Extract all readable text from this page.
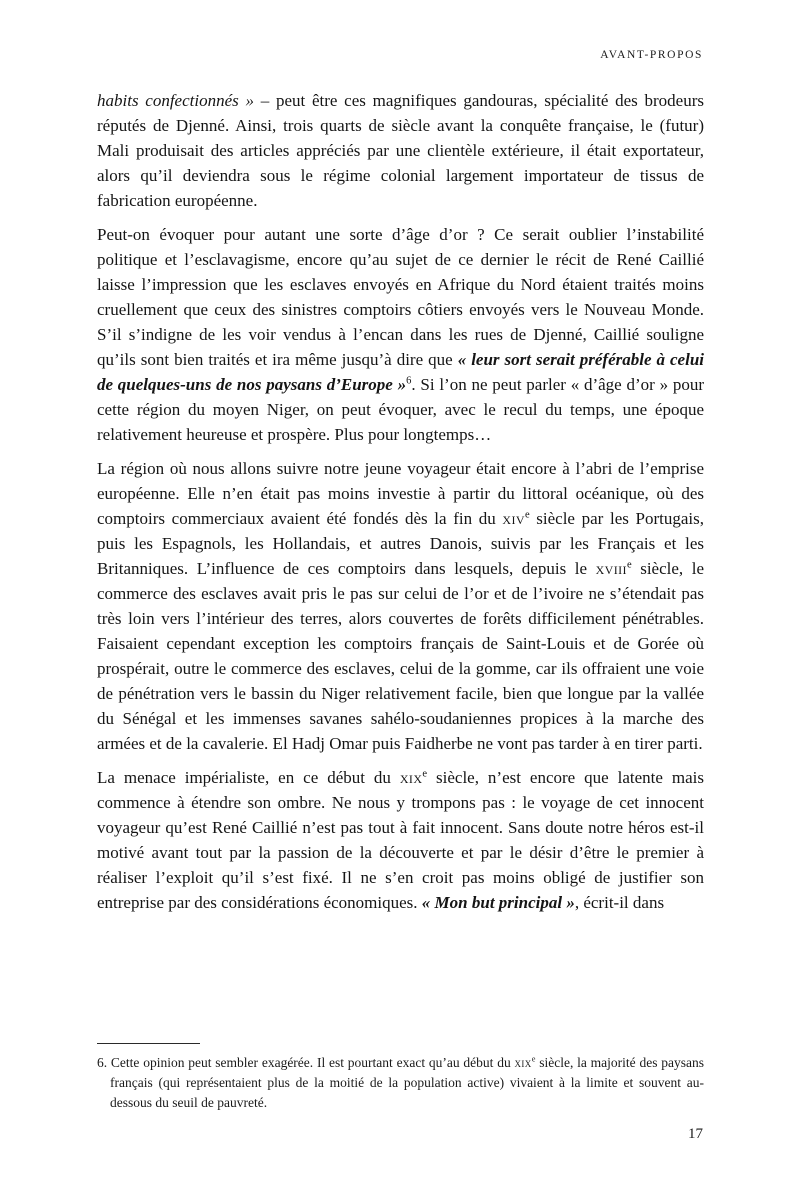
AVANT-PROPOS

habits confectionnés » – peut être ces magnifiques gandouras, spécialité des brodeurs réputés de Djenné. Ainsi, trois quarts de siècle avant la conquête française, le (futur) Mali produisait des articles appréciés par une clientèle extérieure, il était exportateur, alors qu’il deviendra sous le régime colonial largement importateur de tissus de fabrication européenne.

Peut-on évoquer pour autant une sorte d’âge d’or ? Ce serait oublier l’instabilité politique et l’esclavagisme, encore qu’au sujet de ce dernier le récit de René Caillié laisse l’impression que les esclaves envoyés en Afrique du Nord étaient traités moins cruellement que ceux des sinistres comptoirs côtiers envoyés vers le Nouveau Monde. S’il s’indigne de les voir vendus à l’encan dans les rues de Djenné, Caillié souligne qu’ils sont bien traités et ira même jusqu’à dire que « leur sort serait préférable à celui de quelques-uns de nos paysans d’Europe »$^6$. Si l’on ne peut parler « d’âge d’or » pour cette région du moyen Niger, on peut évoquer, avec le recul du temps, une époque relativement heureuse et prospère. Plus pour longtemps…

La région où nous allons suivre notre jeune voyageur était encore à l’abri de l’emprise européenne. Elle n’en était pas moins investie à partir du littoral océanique, où des comptoirs commerciaux avaient été fondés dès la fin du xiv$^e$ siècle par les Portugais, puis les Espagnols, les Hollandais, et autres Danois, suivis par les Français et les Britanniques. L’influence de ces comptoirs dans lesquels, depuis le xviii$^e$ siècle, le commerce des esclaves avait pris le pas sur celui de l’or et de l’ivoire ne s’étendait pas très loin vers l’intérieur des terres, alors couvertes de forêts difficilement pénétrables. Faisaient cependant exception les comptoirs français de Saint-Louis et de Gorée où prospérait, outre le commerce des esclaves, celui de la gomme, car ils offraient une voie de pénétration vers le bassin du Niger relativement facile, bien que longue par la vallée du Sénégal et les immenses savanes sahélo-soudaniennes propices à la marche des armées et de la cavalerie. El Hadj Omar puis Faidherbe ne vont pas tarder à en tirer parti.

La menace impérialiste, en ce début du xix$^e$ siècle, n’est encore que latente mais commence à étendre son ombre. Ne nous y trompons pas : le voyage de cet innocent voyageur qu’est René Caillié n’est pas tout à fait innocent. Sans doute notre héros est-il motivé avant tout par la passion de la découverte et par le désir d’être le premier à réaliser l’exploit qu’il s’est fixé. Il ne s’en croit pas moins obligé de justifier son entreprise par des considérations économiques. « Mon but principal », écrit-il dans

6. Cette opinion peut sembler exagérée. Il est pourtant exact qu’au début du xix$^e$ siècle, la majorité des paysans français (qui représentaient plus de la moitié de la population active) vivaient à la limite et souvent au-dessous du seuil de pauvreté.

17
